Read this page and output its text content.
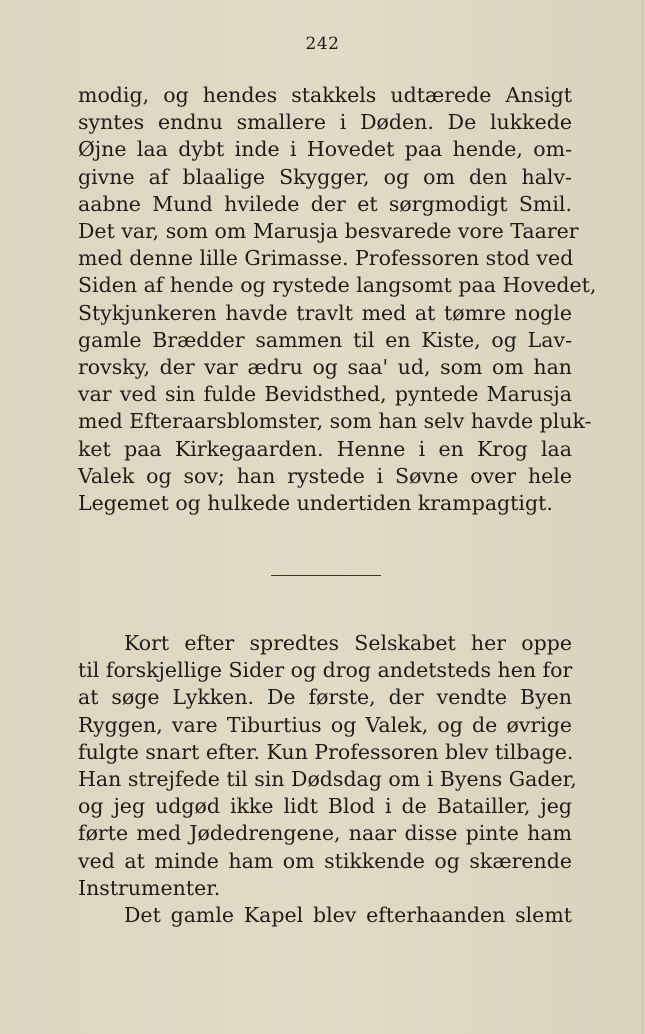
242
modig, og hendes stakkels udtærede Ansigt
syntes endnu smallere i Døden. De lukkede
Øjne laa dybt inde i Hovedet paa hende, om-
givne af blaalige Skygger, og om den halv-
aabne Mund hvilede der et sørgmodigt Smil.
Det var, som om Marusja besvarede vore Taarer
med denne lille Grimasse. Professoren stod ved
Siden af hende og rystede langsomt paa Hovedet,
Stykjunkeren havde travlt med at tømre nogle
gamle Brædder sammen til en Kiste, og Lav-
rovsky, der var ædru og saa' ud, som om han
var ved sin fulde Bevidsthed, pyntede Marusja
med Efteraarsblomster, som han selv havde pluk-
ket paa Kirkegaarden. Henne i en Krog laa
Valek og sov; han rystede i Søvne over hele
Legemet og hulkede undertiden krampagtigt.
Kort efter spredtes Selskabet her oppe
til forskjellige Sider og drog andetsteds hen for
at søge Lykken. De første, der vendte Byen
Ryggen, vare Tiburtius og Valek, og de øvrige
fulgte snart efter. Kun Professoren blev tilbage.
Han strejfede til sin Dødsdag om i Byens Gader,
og jeg udgød ikke lidt Blod i de Batailler, jeg
førte med Jødedrengene, naar disse pinte ham
ved at minde ham om stikkende og skærende
Instrumenter.
Det gamle Kapel blev efterhaanden slemt
